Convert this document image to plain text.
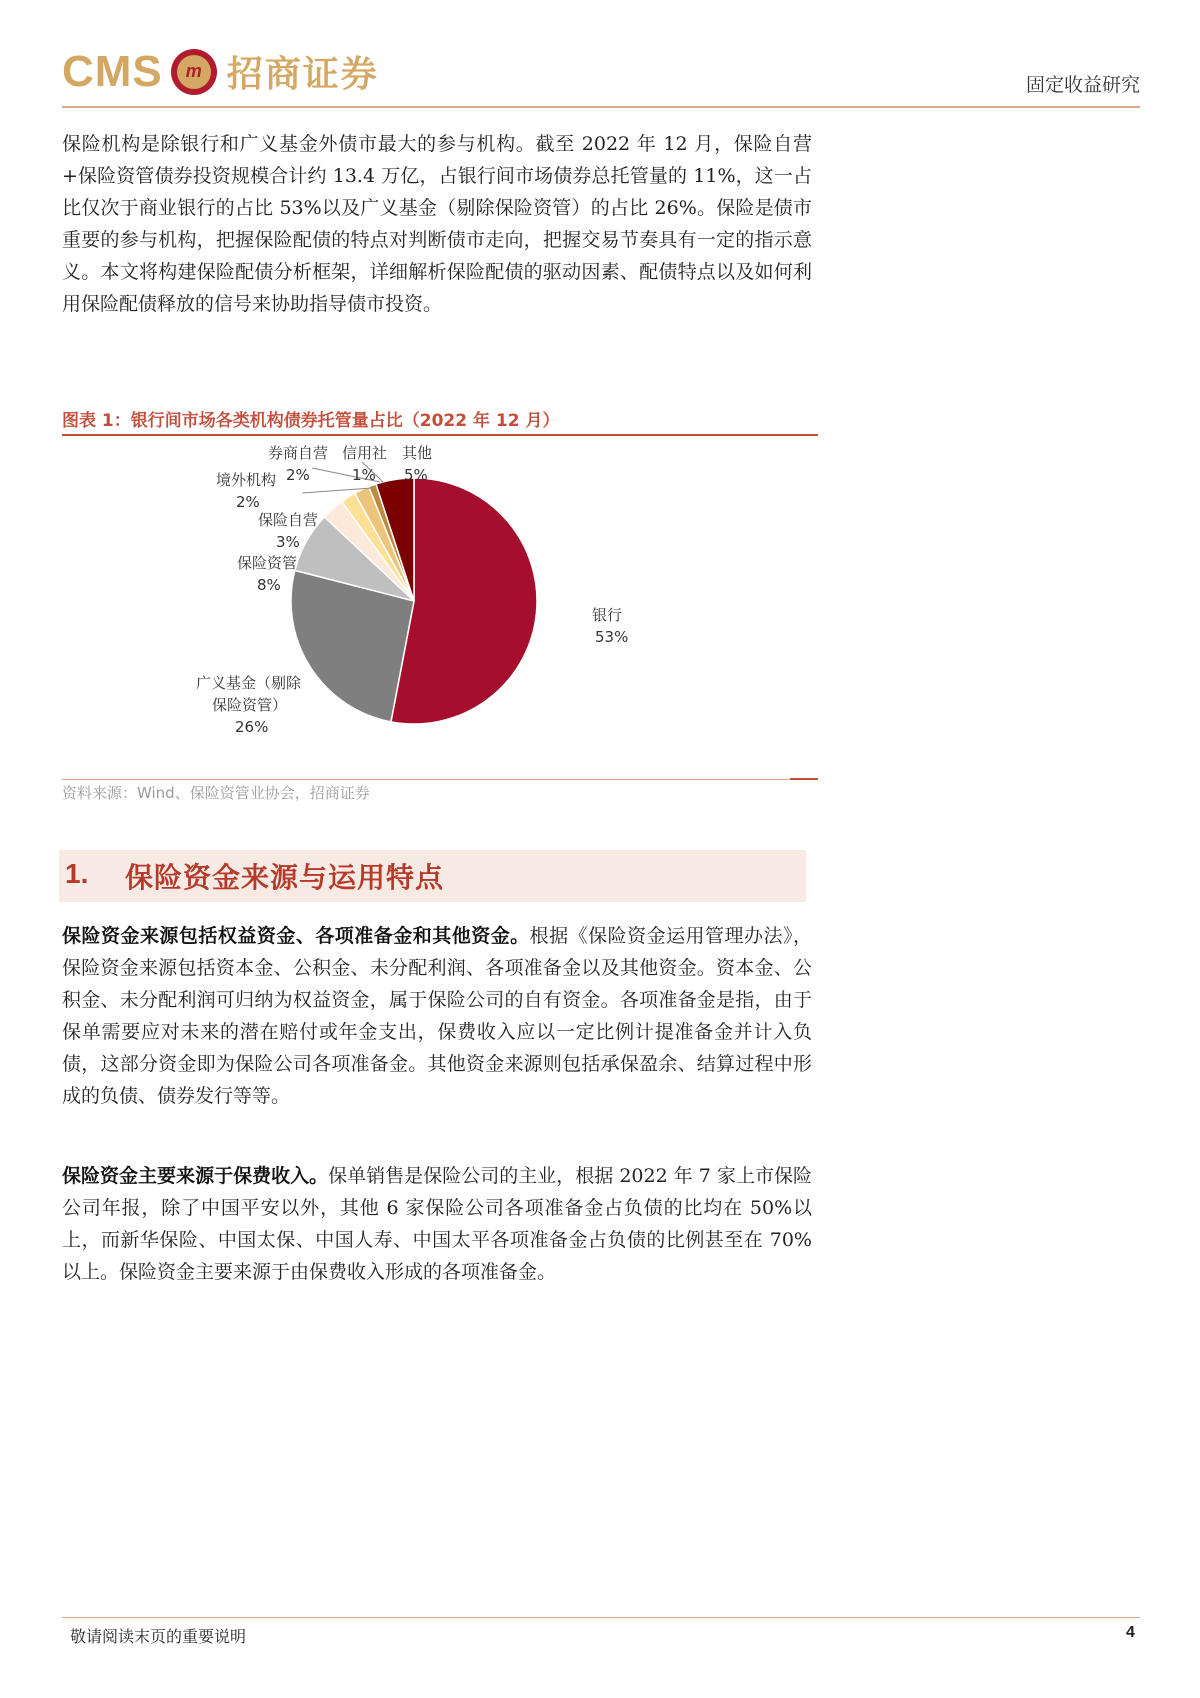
CMS	m 招商证券	固定收益研究

保险机构是除银行和广义基金外债市最大的参与机构。截至 2022 年 12 月，保险自营+保险资管债券投资规模合计约 13.4 万亿，占银行间市场债券总托管量的 11%，这一占比仅次于商业银行的占比 53%以及广义基金（剔除保险资管）的占比 26%。保险是债市重要的参与机构，把握保险配债的特点对判断债市走向，把握交易节奏具有一定的指示意义。本文将构建保险配债分析框架，详细解析保险配债的驱动因素、配债特点以及如何利用保险配债释放的信号来协助指导债市投资。

图表 1：银行间市场各类机构债券托管量占比（2022 年 12 月）
银行
53%
广义基金（剔除
保险资管）
26%
保险资管
8%
保险自营
3%
境外机构
2%
券商自营
2%
信用社
1%
其他
5%
资料来源：Wind、保险资管业协会，招商证券
1. 保险资金来源与运用特点

保险资金来源包括权益资金、各项准备金和其他资金。根据《保险资金运用管理办法》，保险资金来源包括资本金、公积金、未分配利润、各项准备金以及其他资金。资本金、公积金、未分配利润可归纳为权益资金，属于保险公司的自有资金。各项准备金是指，由于保单需要应对未来的潜在赔付或年金支出，保费收入应以一定比例计提准备金并计入负债，这部分资金即为保险公司各项准备金。其他资金来源则包括承保盈余、结算过程中形成的负债、债券发行等等。

保险资金主要来源于保费收入。保单销售是保险公司的主业，根据 2022 年 7 家上市保险公司年报，除了中国平安以外，其他 6 家保险公司各项准备金占负债的比均在 50%以上，而新华保险、中国太保、中国人寿、中国太平各项准备金占负债的比例甚至在 70%以上。保险资金主要来源于由保费收入形成的各项准备金。

敬请阅读末页的重要说明	4
